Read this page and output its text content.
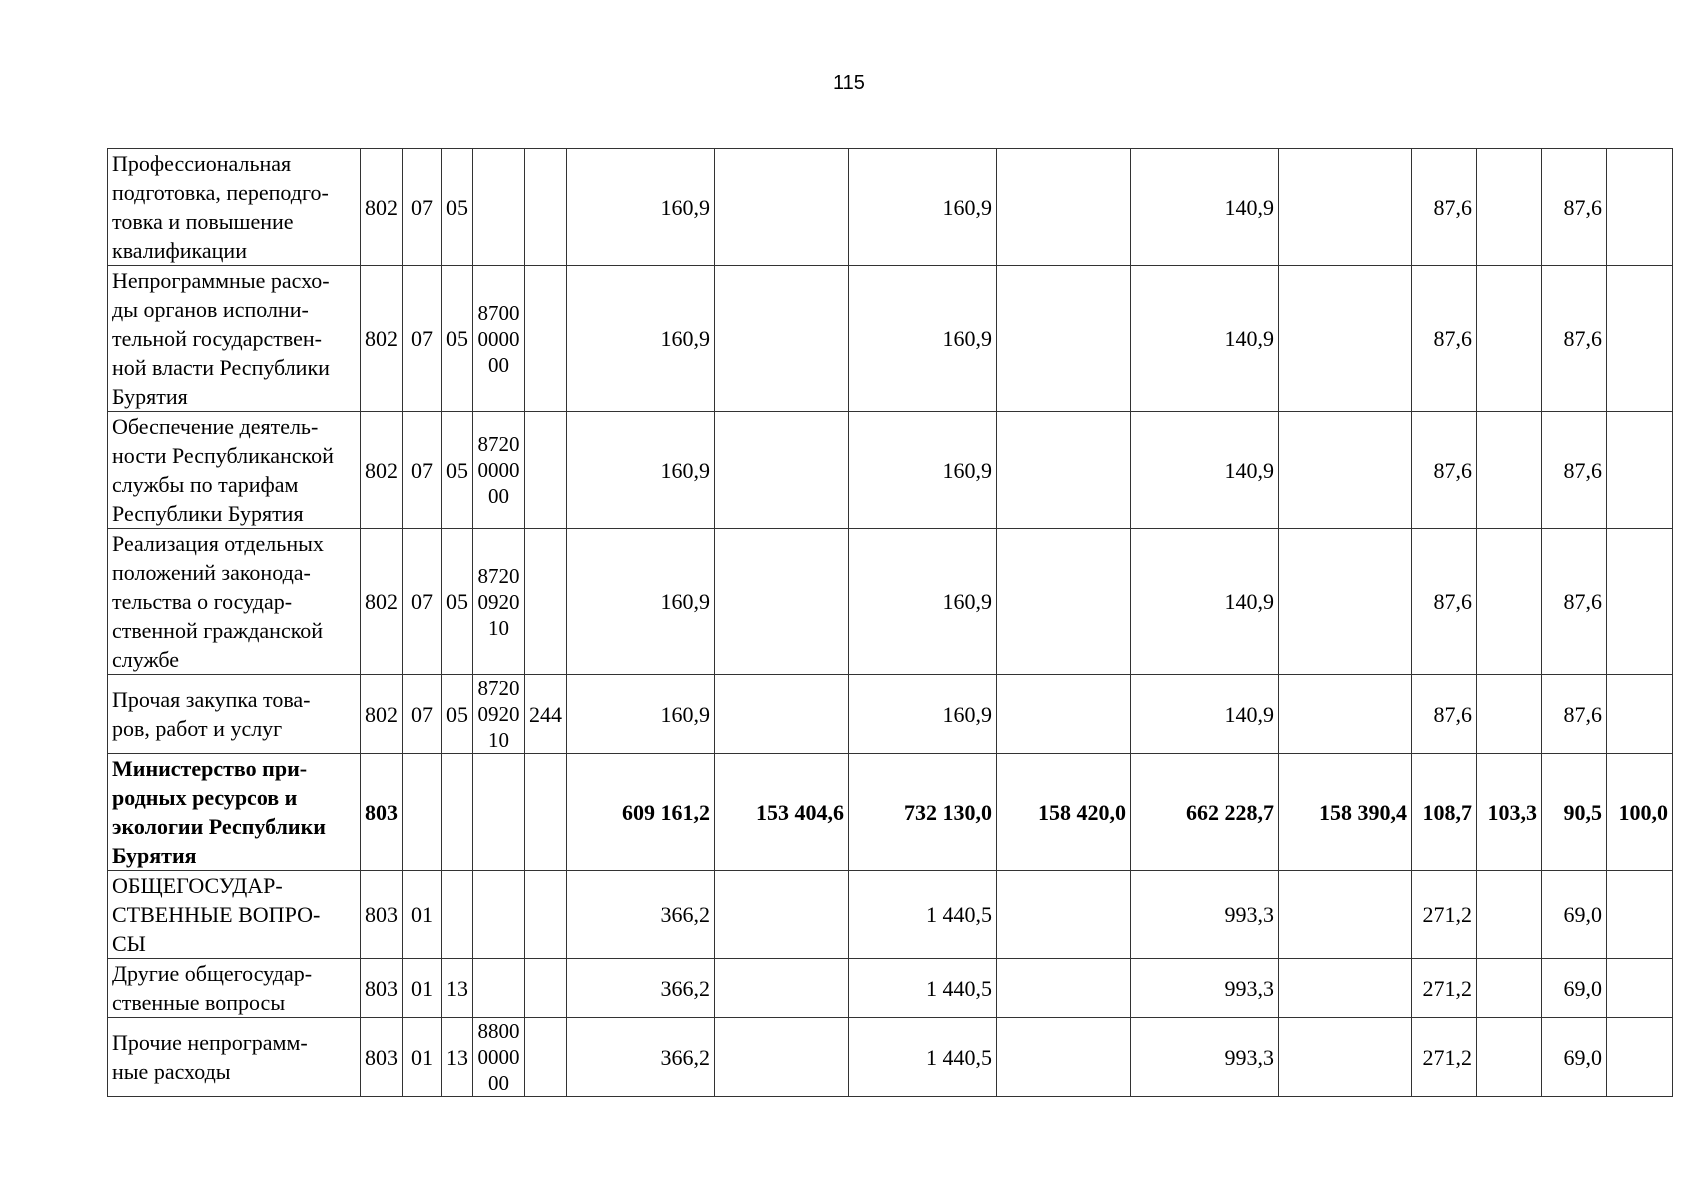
115
Профессиональная
подготовка, переподго-
товка и повышение
квалификации	802	07	05			160,9		160,9		140,9		87,6		87,6	
Непрограммные расхо-
ды органов исполни-
тельной государствен-
ной власти Республики
Бурятия	802	07	05	8700
0000
00		160,9		160,9		140,9		87,6		87,6	
Обеспечение деятель-
ности Республиканской
службы по тарифам
Республики Бурятия	802	07	05	8720
0000
00		160,9		160,9		140,9		87,6		87,6	
Реализация отдельных
положений законода-
тельства о государ-
ственной гражданской
службе	802	07	05	8720
0920
10		160,9		160,9		140,9		87,6		87,6	
Прочая закупка това-
ров, работ и услуг	802	07	05	8720
0920
10	244	160,9		160,9		140,9		87,6		87,6	
Министерство при-
родных ресурсов и
экологии Республики
Бурятия	803					609 161,2	153 404,6	732 130,0	158 420,0	662 228,7	158 390,4	108,7	103,3	90,5	100,0
ОБЩЕГОСУДАР-
СТВЕННЫЕ ВОПРО-
СЫ	803	01				366,2		1 440,5		993,3		271,2		69,0	
Другие общегосудар-
ственные вопросы	803	01	13			366,2		1 440,5		993,3		271,2		69,0	
Прочие непрограмм-
ные расходы	803	01	13	8800
0000
00		366,2		1 440,5		993,3		271,2		69,0	
